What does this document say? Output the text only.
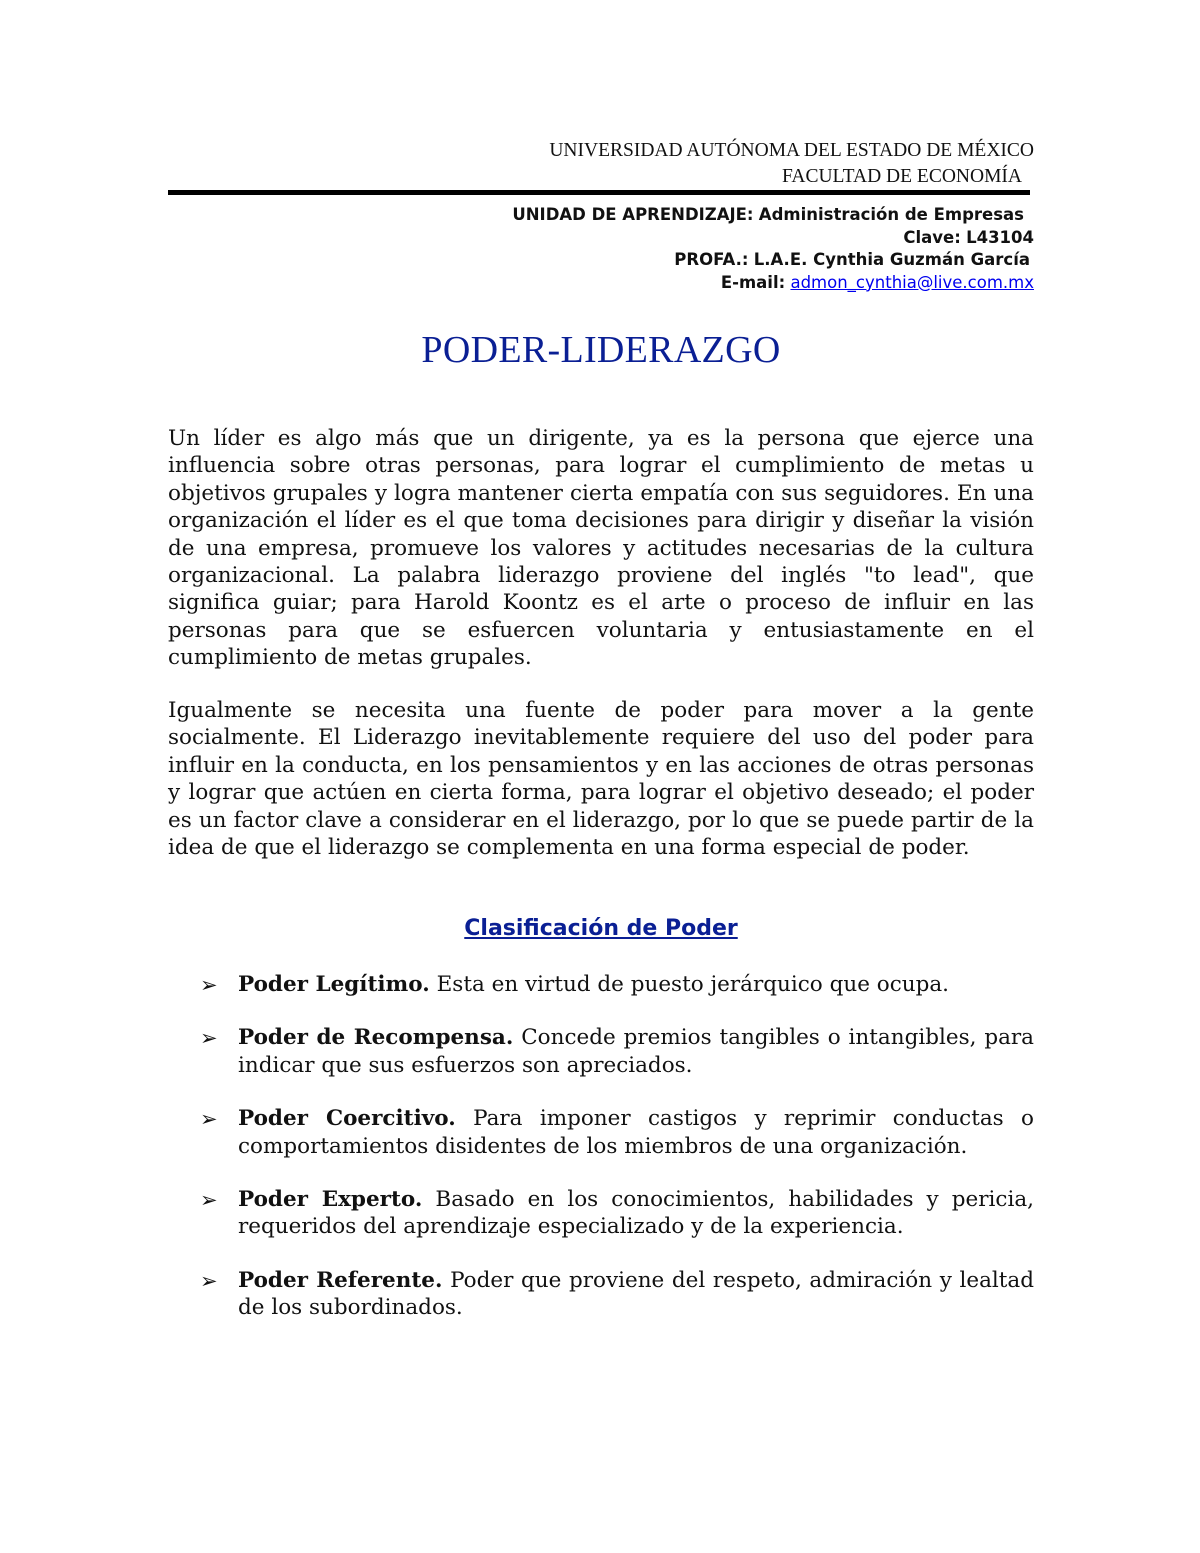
UNIVERSIDAD AUTÓNOMA DEL ESTADO DE MÉXICO
FACULTAD DE ECONOMÍA
UNIDAD DE APRENDIZAJE: Administración de Empresas
Clave: L43104
PROFA.: L.A.E. Cynthia Guzmán García
E-mail: admon_cynthia@live.com.mx
PODER-LIDERAZGO

Un líder es algo más que un dirigente, ya es la persona que ejerce una influencia sobre otras personas, para lograr el cumplimiento de metas u objetivos grupales y logra mantener cierta empatía con sus seguidores. En una organización el líder es el que toma decisiones para dirigir y diseñar la visión de una empresa, promueve los valores y actitudes necesarias de la cultura organizacional. La palabra liderazgo proviene del inglés "to lead", que significa guiar; para Harold Koontz es el arte o proceso de influir en las personas para que se esfuercen voluntaria y entusiastamente en el cumplimiento de metas grupales.

Igualmente se necesita una fuente de poder para mover a la gente socialmente. El Liderazgo inevitablemente requiere del uso del poder para influir en la conducta, en los pensamientos y en las acciones de otras personas y lograr que actúen en cierta forma, para lograr el objetivo deseado; el poder es un factor clave a considerar en el liderazgo, por lo que se puede partir de la idea de que el liderazgo se complementa en una forma especial de poder.

Clasificación de Poder
➢ Poder Legítimo. Esta en virtud de puesto jerárquico que ocupa.
➢ Poder de Recompensa. Concede premios tangibles o intangibles, para indicar que sus esfuerzos son apreciados.
➢ Poder Coercitivo. Para imponer castigos y reprimir conductas o comportamientos disidentes de los miembros de una organización.
➢ Poder Experto. Basado en los conocimientos, habilidades y pericia, requeridos del aprendizaje especializado y de la experiencia.
➢ Poder Referente. Poder que proviene del respeto, admiración y lealtad de los subordinados.
